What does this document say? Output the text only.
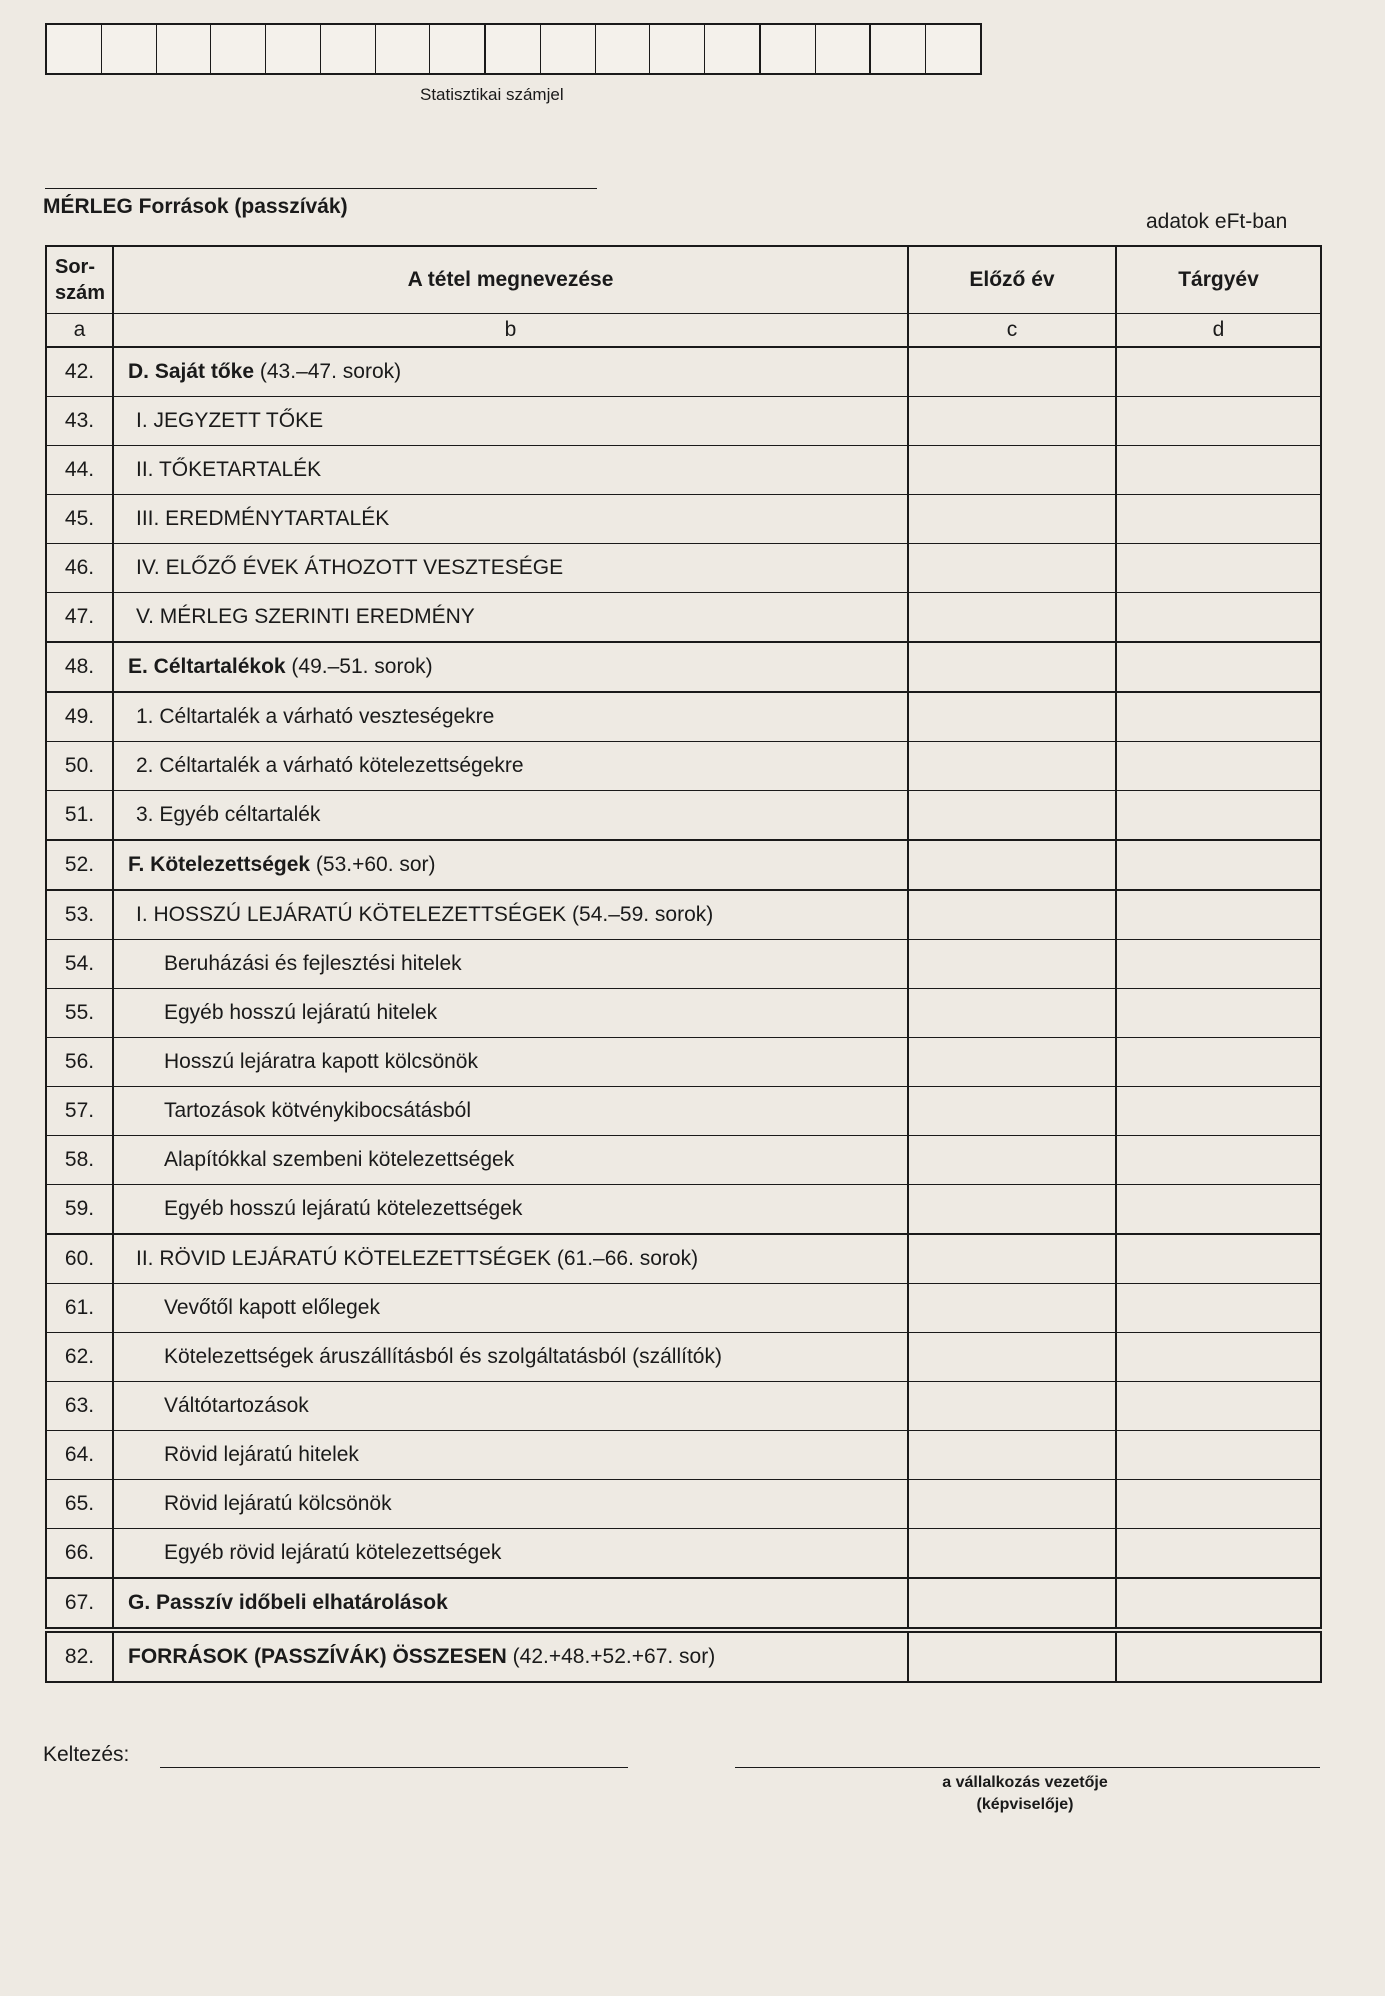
Statisztikai számjel
MÉRLEG Források (passzívák)
adatok eFt-ban
Sor-
szám	A tétel megnevezése	Előző év	Tárgyév
a	b	c	d
42.	D. Saját tőke (43.–47. sorok)		
43.	I. JEGYZETT TŐKE		
44.	II. TŐKETARTALÉK		
45.	III. EREDMÉNYTARTALÉK		
46.	IV. ELŐZŐ ÉVEK ÁTHOZOTT VESZTESÉGE		
47.	V. MÉRLEG SZERINTI EREDMÉNY		
48.	E. Céltartalékok (49.–51. sorok)		
49.	1. Céltartalék a várható veszteségekre		
50.	2. Céltartalék a várható kötelezettségekre		
51.	3. Egyéb céltartalék		
52.	F. Kötelezettségek (53.+60. sor)		
53.	I. HOSSZÚ LEJÁRATÚ KÖTELEZETTSÉGEK (54.–59. sorok)		
54.	Beruházási és fejlesztési hitelek		
55.	Egyéb hosszú lejáratú hitelek		
56.	Hosszú lejáratra kapott kölcsönök		
57.	Tartozások kötvénykibocsátásból		
58.	Alapítókkal szembeni kötelezettségek		
59.	Egyéb hosszú lejáratú kötelezettségek		
60.	II. RÖVID LEJÁRATÚ KÖTELEZETTSÉGEK (61.–66. sorok)		
61.	Vevőtől kapott előlegek		
62.	Kötelezettségek áruszállításból és szolgáltatásból (szállítók)		
63.	Váltótartozások		
64.	Rövid lejáratú hitelek		
65.	Rövid lejáratú kölcsönök		
66.	Egyéb rövid lejáratú kötelezettségek		
67.	G. Passzív időbeli elhatárolások		
82.	FORRÁSOK (PASSZÍVÁK) ÖSSZESEN (42.+48.+52.+67. sor)		
Keltezés:
a vállalkozás vezetője
(képviselője)
